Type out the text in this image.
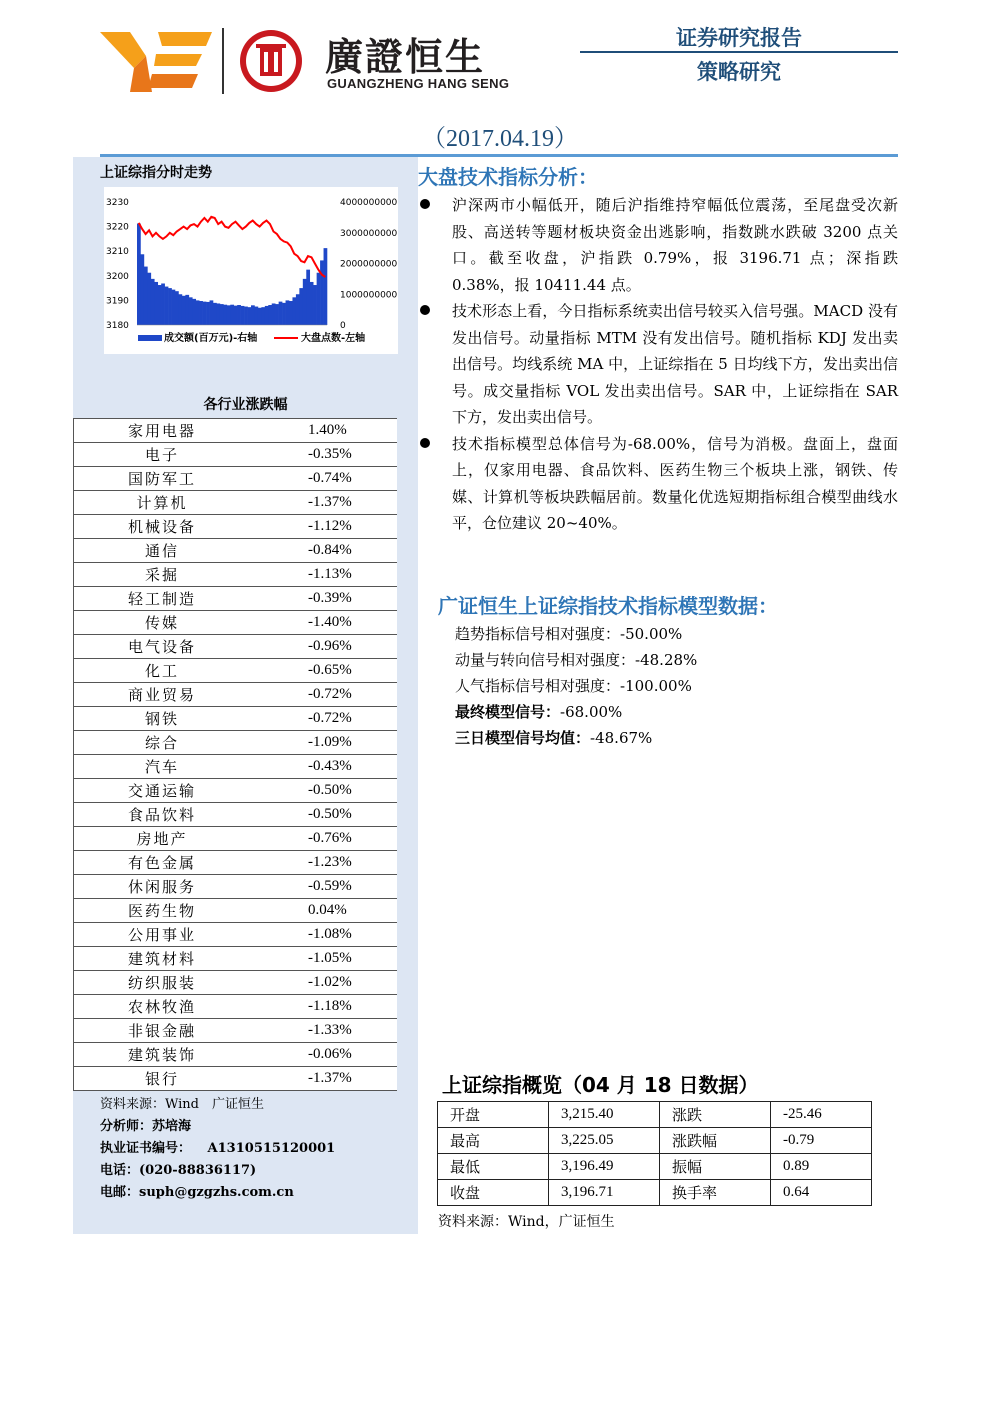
廣證恒生
GUANGZHENG HANG SENG
证券研究报告
策略研究
（2017.04.19）
上证综指分时走势
3180
3190
3200
3210
3220
3230
0
1000000000
2000000000
3000000000
4000000000
成交额(百万元)-右轴	大盘点数-左轴
各行业涨跌幅
	家用电器	1.40%
	电子	-0.35%
	国防军工	-0.74%
	计算机	-1.37%
	机械设备	-1.12%
	通信	-0.84%
	采掘	-1.13%
	轻工制造	-0.39%
	传媒	-1.40%
	电气设备	-0.96%
	化工	-0.65%
	商业贸易	-0.72%
	钢铁	-0.72%
	综合	-1.09%
	汽车	-0.43%
	交通运输	-0.50%
	食品饮料	-0.50%
	房地产	-0.76%
	有色金属	-1.23%
	休闲服务	-0.59%
	医药生物	0.04%
	公用事业	-1.08%
	建筑材料	-1.05%
	纺织服装	-1.02%
	农林牧渔	-1.18%
	非银金融	-1.33%
	建筑装饰	-0.06%
	银行	-1.37%
资料来源：Wind　广证恒生
分析师：苏培海
执业证书编号： A1310515120001
电话：(020-88836117)
电邮：suph@gzgzhs.com.cn
大盘技术指标分析：
沪深两市小幅低开，随后沪指维持窄幅低位震荡，至尾盘受次新股、高送转等题材板块资金出逃影响，指数跳水跌破 3200 点关口。截至收盘，沪指跌 0.79%，报 3196.71 点；深指跌 0.38%，报 10411.44 点。
技术形态上看，今日指标系统卖出信号较买入信号强。MACD 没有发出信号。动量指标 MTM 没有发出信号。随机指标 KDJ 发出卖出信号。均线系统 MA 中，上证综指在 5 日均线下方，发出卖出信号。成交量指标 VOL 发出卖出信号。SAR 中，上证综指在 SAR 下方，发出卖出信号。
技术指标模型总体信号为-68.00%，信号为消极。盘面上，盘面上，仅家用电器、食品饮料、医药生物三个板块上涨，钢铁、传媒、计算机等板块跌幅居前。数量化优选短期指标组合模型曲线水平，仓位建议 20~40%。
广证恒生上证综指技术指标模型数据：
趋势指标信号相对强度：-50.00%
动量与转向信号相对强度：-48.28%
人气指标信号相对强度：-100.00%
最终模型信号：-68.00%
三日模型信号均值：-48.67%
上证综指概览（04 月 18 日数据）
开盘	3,215.40	涨跌	-25.46
最高	3,225.05	涨跌幅	-0.79
最低	3,196.49	振幅	0.89
收盘	3,196.71	换手率	0.64
资料来源：Wind，广证恒生
